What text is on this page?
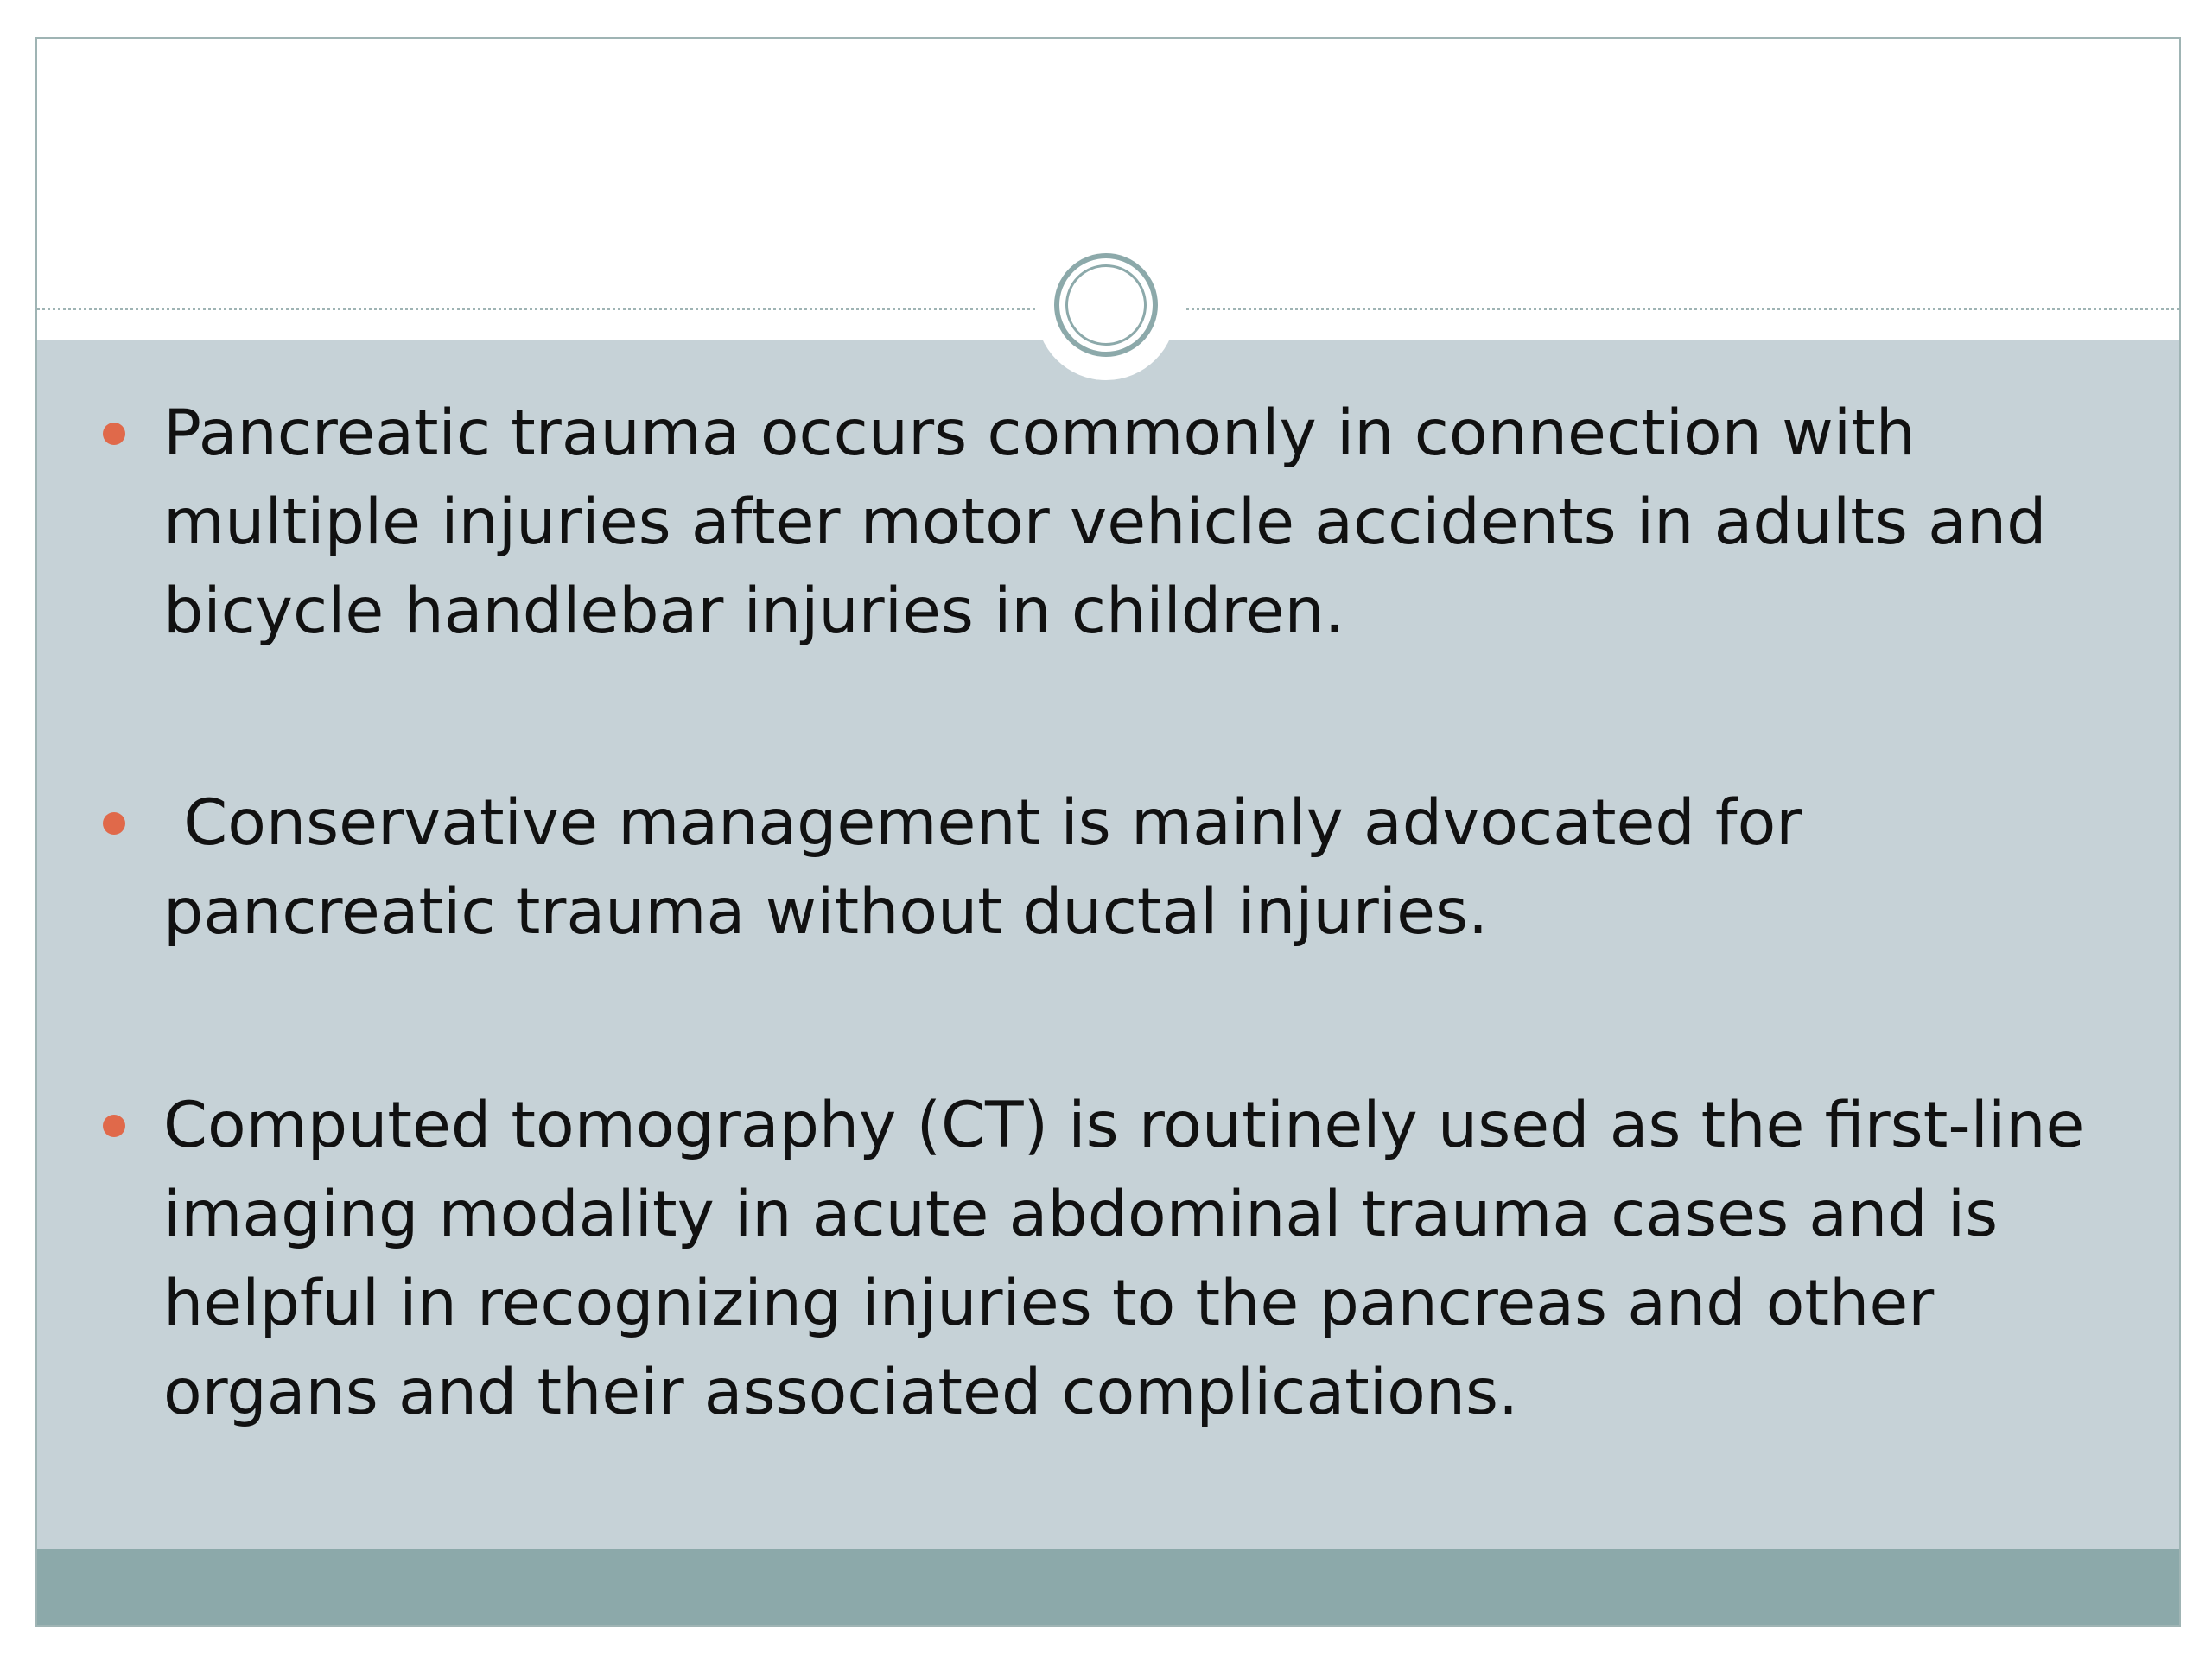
Pancreatic trauma occurs commonly in connection with multiple injuries after motor vehicle accidents in adults and bicycle handlebar injuries in children.
Conservative management is mainly advocated for pancreatic trauma without ductal injuries.
Computed tomography (CT) is routinely used as the first-line imaging modality in acute abdominal trauma cases and is helpful in recognizing injuries to the pancreas and other organs and their associated complications.
